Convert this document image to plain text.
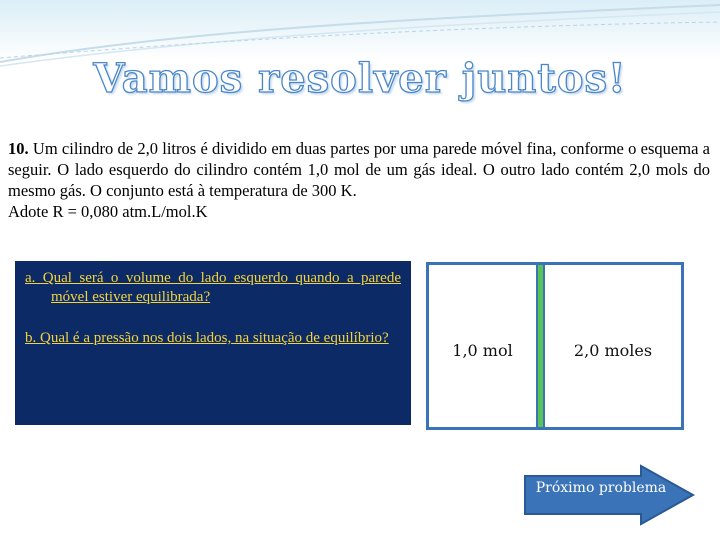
Vamos resolver juntos!
10. Um cilindro de 2,0 litros é dividido em duas partes por uma parede móvel fina, conforme o esquema a seguir. O lado esquerdo do cilindro contém 1,0 mol de um gás ideal. O outro lado contém 2,0 mols do mesmo gás. O conjunto está à temperatura de 300 K.
Adote R = 0,080 atm.L/mol.K

a. Qual será o volume do lado esquerdo quando a parede móvel estiver equilibrada?

b. Qual é a pressão nos dois lados, na situação de equilíbrio?

1,0 mol	2,0 moles
Próximo problema
